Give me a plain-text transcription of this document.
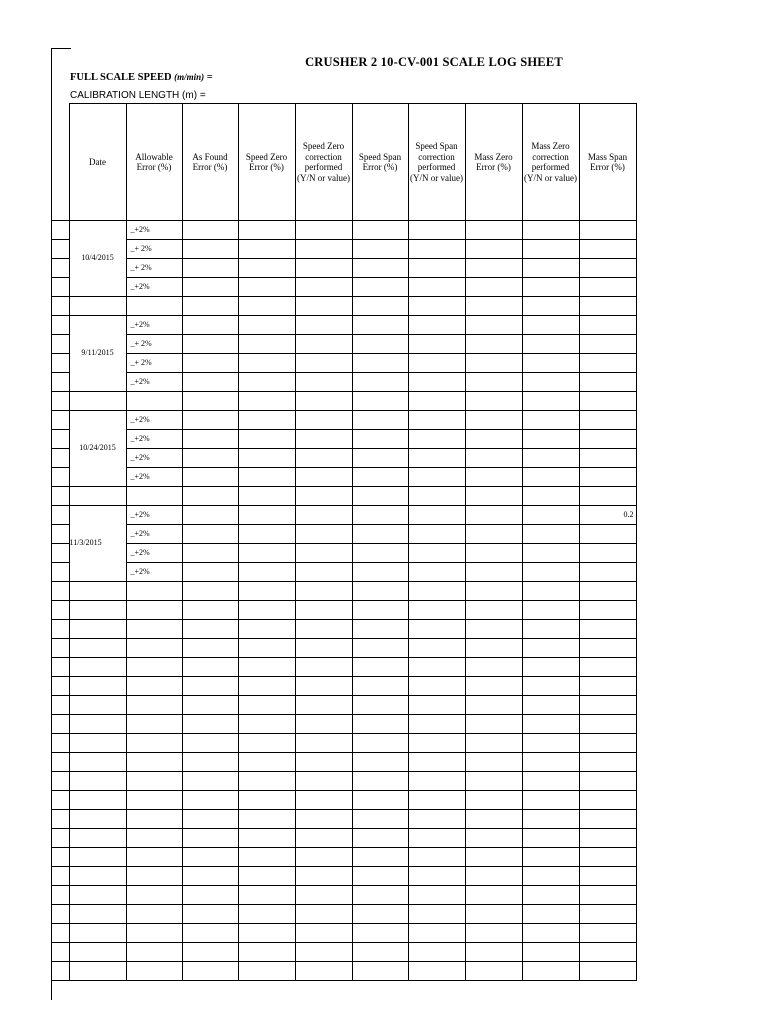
CRUSHER 2 10-CV-001 SCALE LOG SHEET
FULL SCALE SPEED (m/min) =
CALIBRATION LENGTH (m) =
	Date	Allowable Error (%)	As Found Error (%)	Speed Zero Error (%)	Speed Zero correction performed (Y/N or value)	Speed Span Error (%)	Speed Span correction performed (Y/N or value)	Mass Zero Error (%)	Mass Zero correction performed (Y/N or value)	Mass Span Error (%)
	10/4/2015	_+2%								
		_+ 2%								
		_+ 2%								
		_+2%								

	9/11/2015	_+2%								
		_+ 2%								
		_+ 2%								
		_+2%								

	10/24/2015	_+2%								
		_+2%								
		_+2%								
		_+2%								

	11/3/2015	_+2%								0.2
		_+2%								
		_+2%								
		_+2%								
